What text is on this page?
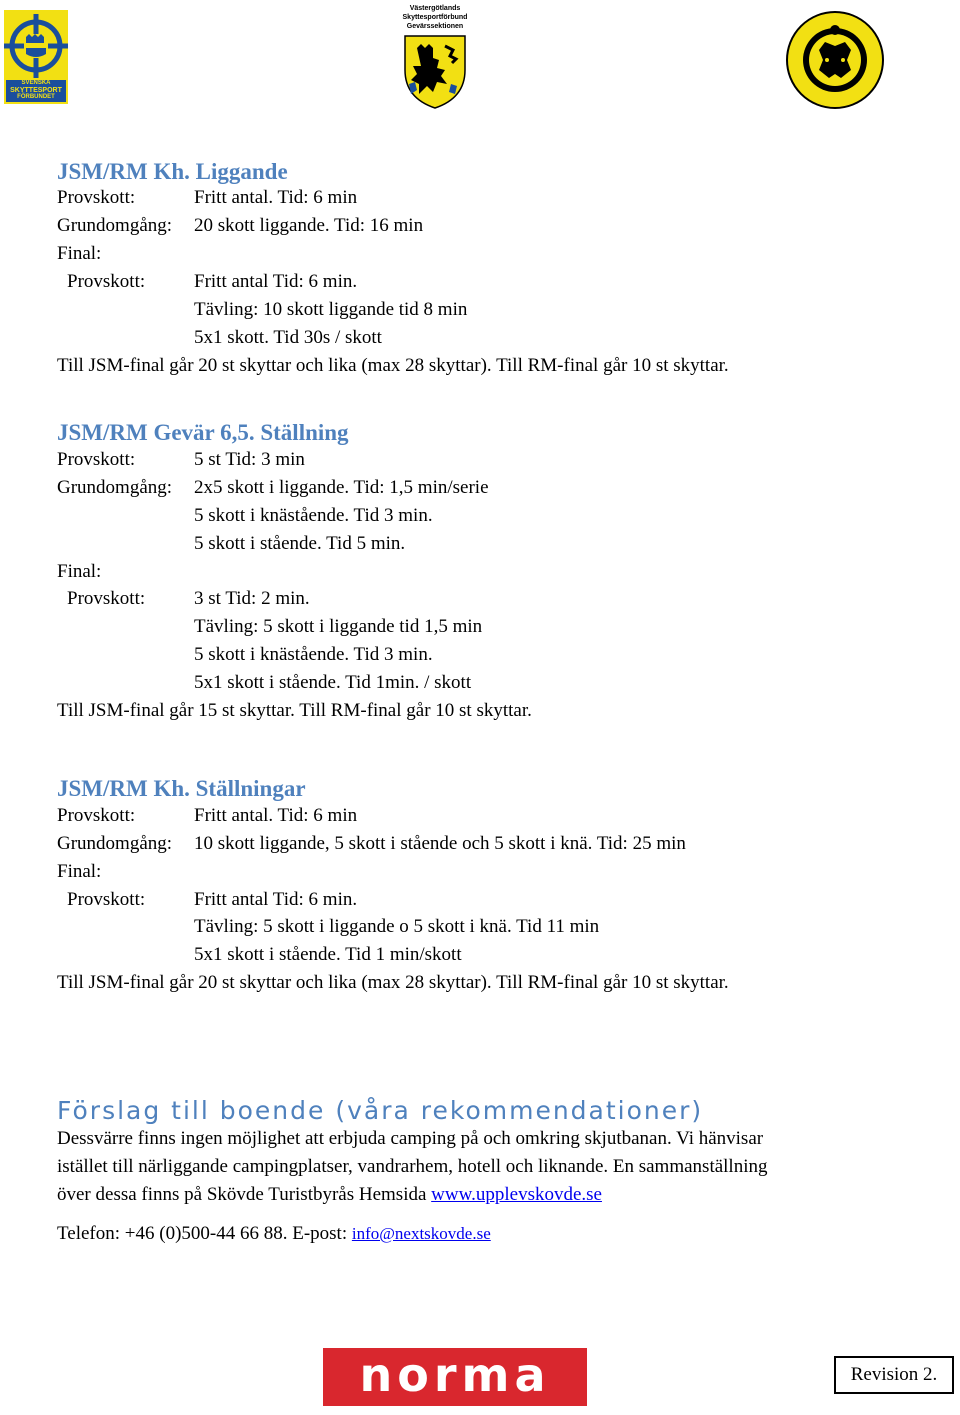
SVENSKA
SKYTTESPORT
FÖRBUNDET
Västergötlands
Skyttesportförbund
Gevärssektionen
JSM/RM Kh. Liggande
Provskott:	Fritt antal. Tid: 6 min
Grundomgång: 20 skott liggande. Tid: 16 min
Final:
Provskott:	Fritt antal Tid: 6 min.
Tävling: 10 skott liggande tid 8 min
5x1 skott. Tid 30s / skott
Till JSM-final går 20 st skyttar och lika (max 28 skyttar). Till RM-final går 10 st skyttar.
JSM/RM Gevär 6,5. Ställning
Provskott:	5 st Tid: 3 min
Grundomgång: 2x5 skott i liggande. Tid: 1,5 min/serie
5 skott i knästående. Tid 3 min.
5 skott i stående. Tid 5 min.
Final:
Provskott:	3 st Tid: 2 min.
Tävling: 5 skott i liggande tid 1,5 min
5 skott i knästående. Tid 3 min.
5x1 skott i stående. Tid 1min. / skott
Till JSM-final går 15 st skyttar. Till RM-final går 10 st skyttar.
JSM/RM Kh. Ställningar
Provskott:	Fritt antal. Tid: 6 min
Grundomgång: 10 skott liggande, 5 skott i stående och 5 skott i knä. Tid: 25 min
Final:
Provskott:	Fritt antal Tid: 6 min.
Tävling: 5 skott i liggande o 5 skott i knä. Tid 11 min
5x1 skott i stående. Tid 1 min/skott
Till JSM-final går 20 st skyttar och lika (max 28 skyttar). Till RM-final går 10 st skyttar.
Förslag till boende (våra rekommendationer)
Dessvärre finns ingen möjlighet att erbjuda camping på och omkring skjutbanan. Vi hänvisar
istället till närliggande campingplatser, vandrarhem, hotell och liknande. En sammanställning
över dessa finns på Skövde Turistbyrås Hemsida www.upplevskovde.se
Telefon: +46 (0)500-44 66 88. E-post: info@nextskovde.se
norma	Revision 2.
